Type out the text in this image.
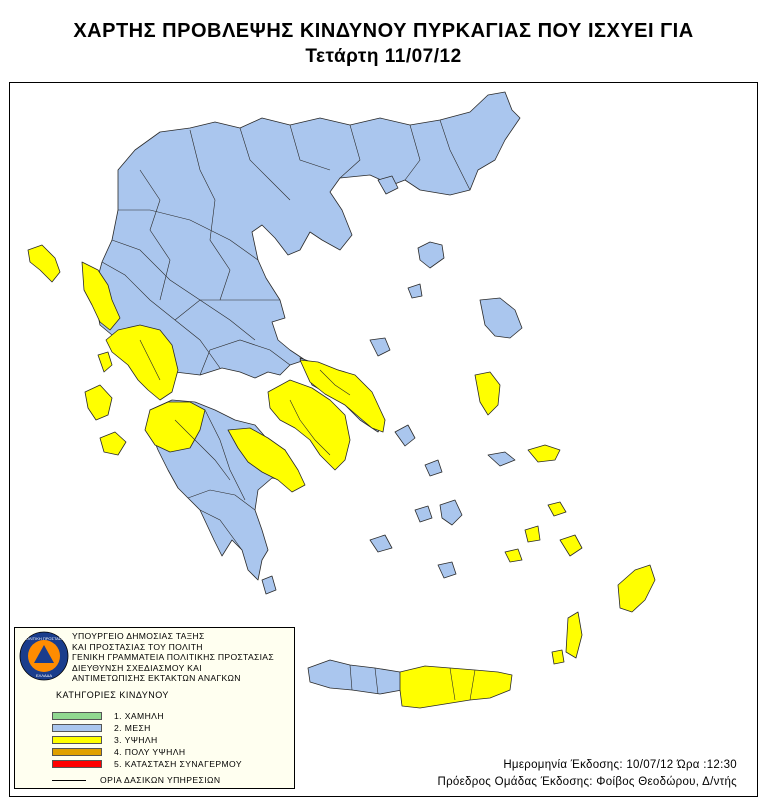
ΧΑΡΤΗΣ ΠΡΟΒΛΕΨΗΣ ΚΙΝΔΥΝΟΥ ΠΥΡΚΑΓΙΑΣ ΠΟΥ ΙΣΧΥΕΙ ΓΙΑ
Τετάρτη 11/07/12
ΠΟΛΙΤΙΚΗ ΠΡΟΣΤΑΣΙΑ
ΕΛΛΑΔΑ
ΥΠΟΥΡΓΕΙΟ ΔΗΜΟΣΙΑΣ ΤΑΞΗΣ
ΚΑΙ ΠΡΟΣΤΑΣΙΑΣ ΤΟΥ ΠΟΛΙΤΗ
ΓΕΝΙΚΗ ΓΡΑΜΜΑΤΕΙΑ ΠΟΛΙΤΙΚΗΣ ΠΡΟΣΤΑΣΙΑΣ
ΔΙΕΥΘΥΝΣΗ ΣΧΕΔΙΑΣΜΟΥ ΚΑΙ
ΑΝΤΙΜΕΤΩΠΙΣΗΣ ΕΚΤΑΚΤΩΝ ΑΝΑΓΚΩΝ
ΚΑΤΗΓΟΡΙΕΣ ΚΙΝΔΥΝΟΥ
1. ΧΑΜΗΛΗ
2. ΜΕΣΗ
3. ΥΨΗΛΗ
4. ΠΟΛΥ ΥΨΗΛΗ
5. ΚΑΤΑΣΤΑΣΗ ΣΥΝΑΓΕΡΜΟΥ
ΟΡΙΑ ΔΑΣΙΚΩΝ ΥΠΗΡΕΣΙΩΝ
Ημερομηνία Έκδοσης: 10/07/12 Ώρα :12:30
Πρόεδρος Ομάδας Έκδοσης: Φοίβος Θεοδώρου, Δ/ντής
